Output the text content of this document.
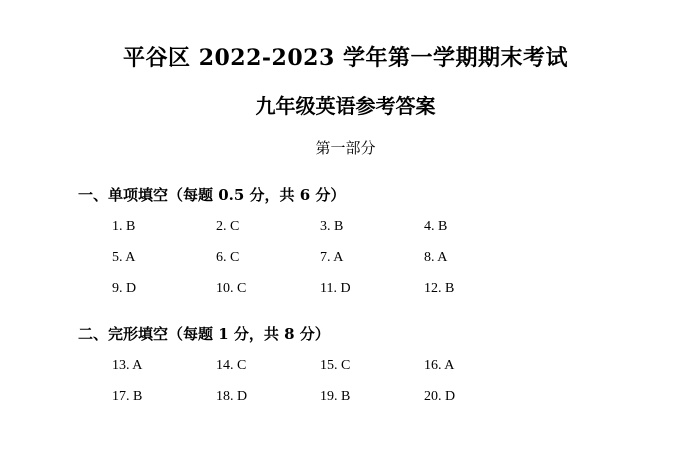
平谷区 2022-2023 学年第一学期期末考试
九年级英语参考答案
第一部分
一、单项填空（每题 0.5 分，共 6 分）
1. B	2. C	3. B	4. B
5. A	6. C	7. A	8. A
9. D	10. C	11. D	12. B
二、完形填空（每题 1 分，共 8 分）
13. A	14. C	15. C	16. A
17. B	18. D	19. B	20. D
